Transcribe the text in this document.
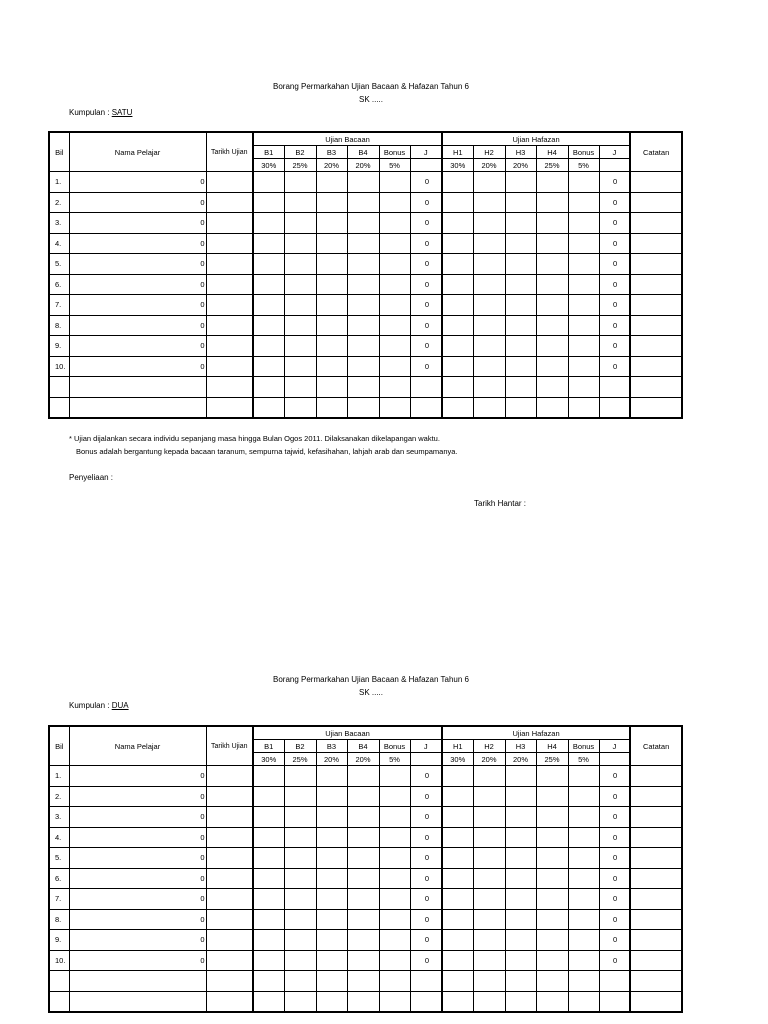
Borang Permarkahan Ujian Bacaan & Hafazan Tahun 6
SK .....
Kumpulan : SATU
Bil	Nama Pelajar	Tarikh Ujian	Ujian Bacaan						Ujian Hafazan						Catatan
			B1	B2	B3	B4	Bonus	J	H1	H2	H3	H4	Bonus	J	
			30%	25%	20%	20%	5%		30%	20%	20%	25%	5%		
1.	0							0						0	
2.	0							0						0	
3.	0							0						0	
4.	0							0						0	
5.	0							0						0	
6.	0							0						0	
7.	0							0						0	
8.	0							0						0	
9.	0							0						0	
10.	0							0						0	

* Ujian dijalankan secara individu sepanjang masa hingga Bulan Ogos 2011. Dilaksanakan dikelapangan waktu.

Bonus adalah bergantung kepada bacaan taranum, sempurna tajwid, kefasihahan, lahjah arab dan seumpamanya.

Penyeliaan :
Tarikh Hantar :
Borang Permarkahan Ujian Bacaan & Hafazan Tahun 6
SK .....
Kumpulan : DUA
Bil	Nama Pelajar	Tarikh Ujian	Ujian Bacaan						Ujian Hafazan						Catatan
			B1	B2	B3	B4	Bonus	J	H1	H2	H3	H4	Bonus	J	
			30%	25%	20%	20%	5%		30%	20%	20%	25%	5%		
1.	0							0						0	
2.	0							0						0	
3.	0							0						0	
4.	0							0						0	
5.	0							0						0	
6.	0							0						0	
7.	0							0						0	
8.	0							0						0	
9.	0							0						0	
10.	0							0						0	
